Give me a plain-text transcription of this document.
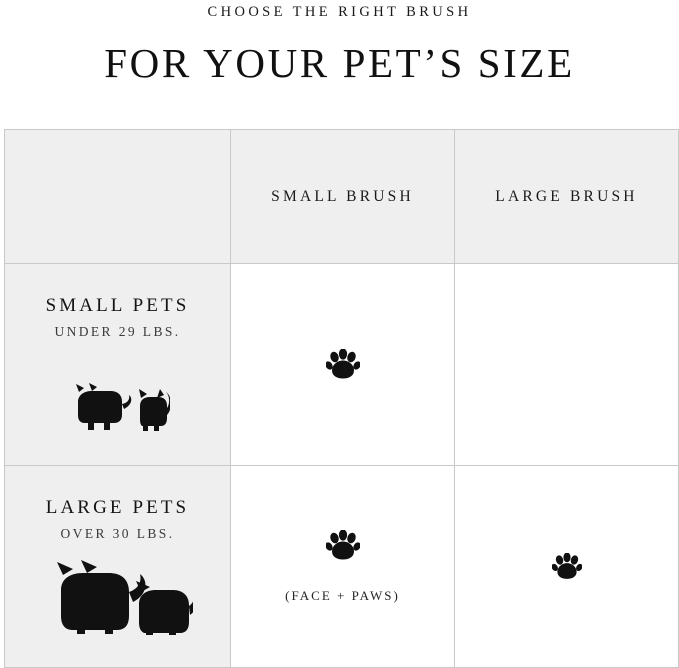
CHOOSE THE RIGHT BRUSH
FOR YOUR PET’S SIZE

	SMALL BRUSH	LARGE BRUSH

SMALL PETS
UNDER 29 LBS.

LARGE PETS
OVER 30 LBS.	(FACE + PAWS)
